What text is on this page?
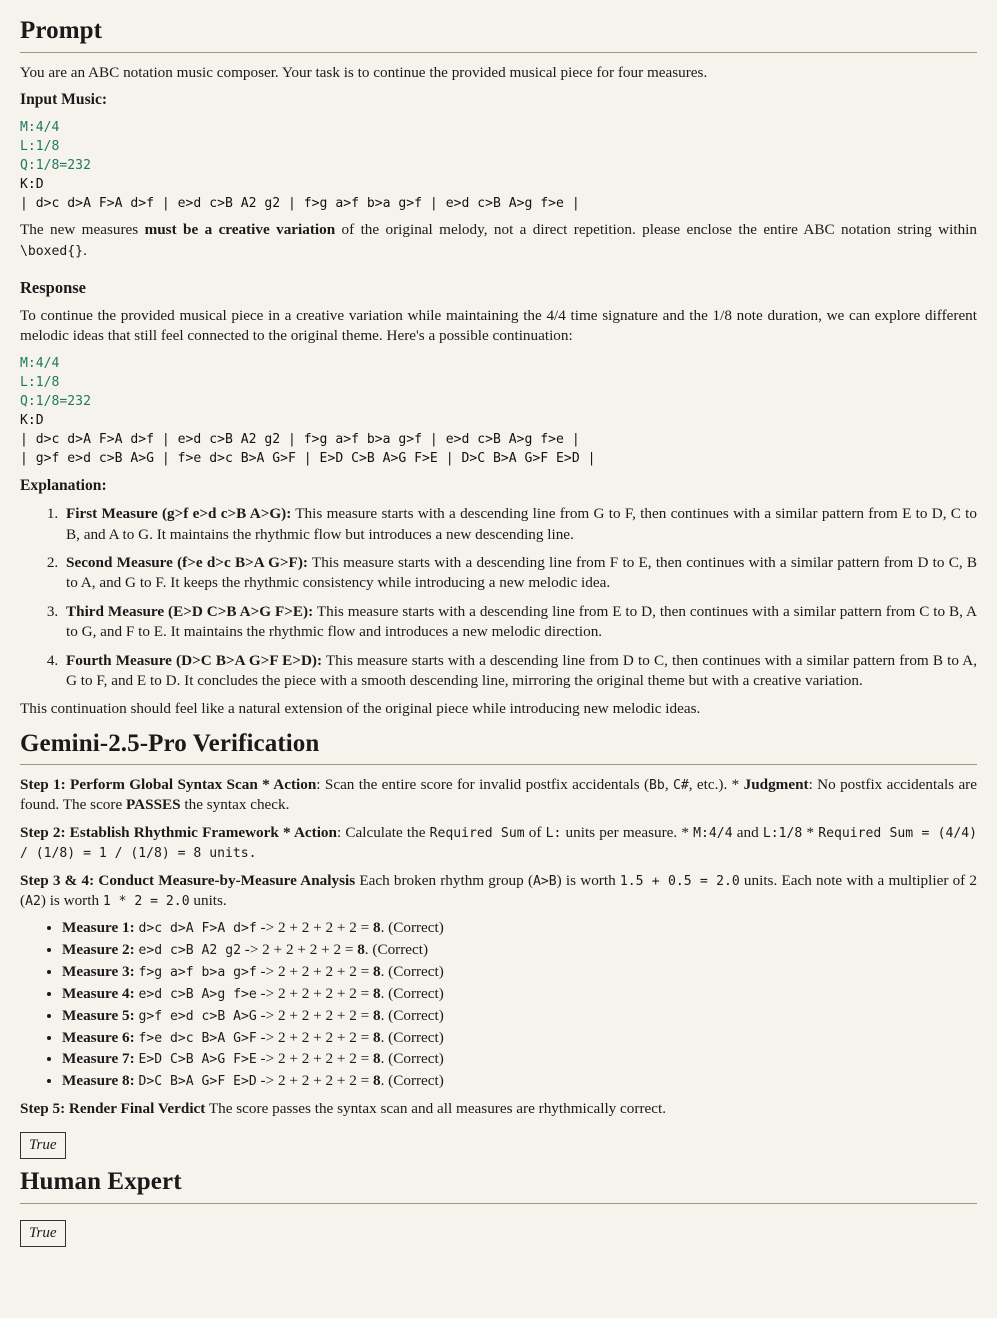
Prompt

You are an ABC notation music composer. Your task is to continue the provided musical piece for four measures.

Input Music:

M:4/4
L:1/8
Q:1/8=232
K:D
| d>c d>A F>A d>f | e>d c>B A2 g2 | f>g a>f b>a g>f | e>d c>B A>g f>e |

The new measures must be a creative variation of the original melody, not a direct repetition. please enclose the entire ABC notation string within \boxed{}.

Response

To continue the provided musical piece in a creative variation while maintaining the 4/4 time signature and the 1/8 note duration, we can explore different melodic ideas that still feel connected to the original theme. Here's a possible continuation:

M:4/4
L:1/8
Q:1/8=232
K:D
| d>c d>A F>A d>f | e>d c>B A2 g2 | f>g a>f b>a g>f | e>d c>B A>g f>e |
| g>f e>d c>B A>G | f>e d>c B>A G>F | E>D C>B A>G F>E | D>C B>A G>F E>D |

Explanation:

1. First Measure (g>f e>d c>B A>G): This measure starts with a descending line from G to F, then continues with a similar pattern from E to D, C to B, and A to G. It maintains the rhythmic flow but introduces a new descending line.
2. Second Measure (f>e d>c B>A G>F): This measure starts with a descending line from F to E, then continues with a similar pattern from D to C, B to A, and G to F. It keeps the rhythmic consistency while introducing a new melodic idea.
3. Third Measure (E>D C>B A>G F>E): This measure starts with a descending line from E to D, then continues with a similar pattern from C to B, A to G, and F to E. It maintains the rhythmic flow and introduces a new melodic direction.
4. Fourth Measure (D>C B>A G>F E>D): This measure starts with a descending line from D to C, then continues with a similar pattern from B to A, G to F, and E to D. It concludes the piece with a smooth descending line, mirroring the original theme but with a creative variation.

This continuation should feel like a natural extension of the original piece while introducing new melodic ideas.

Gemini-2.5-Pro Verification

Step 1: Perform Global Syntax Scan * Action: Scan the entire score for invalid postfix accidentals (Bb, C#, etc.). * Judgment: No postfix accidentals are found. The score PASSES the syntax check.

Step 2: Establish Rhythmic Framework * Action: Calculate the Required Sum of L: units per measure. * M:4/4 and L:1/8 * Required Sum = (4/4) / (1/8) = 1 / (1/8) = 8 units.

Step 3 & 4: Conduct Measure-by-Measure Analysis Each broken rhythm group (A>B) is worth 1.5 + 0.5 = 2.0 units. Each note with a multiplier of 2 (A2) is worth 1 * 2 = 2.0 units.

• Measure 1: d>c d>A F>A d>f -> 2 + 2 + 2 + 2 = 8. (Correct)
• Measure 2: e>d c>B A2 g2 -> 2 + 2 + 2 + 2 = 8. (Correct)
• Measure 3: f>g a>f b>a g>f -> 2 + 2 + 2 + 2 = 8. (Correct)
• Measure 4: e>d c>B A>g f>e -> 2 + 2 + 2 + 2 = 8. (Correct)
• Measure 5: g>f e>d c>B A>G -> 2 + 2 + 2 + 2 = 8. (Correct)
• Measure 6: f>e d>c B>A G>F -> 2 + 2 + 2 + 2 = 8. (Correct)
• Measure 7: E>D C>B A>G F>E -> 2 + 2 + 2 + 2 = 8. (Correct)
• Measure 8: D>C B>A G>F E>D -> 2 + 2 + 2 + 2 = 8. (Correct)

Step 5: Render Final Verdict The score passes the syntax scan and all measures are rhythmically correct.

True
Human Expert
True
